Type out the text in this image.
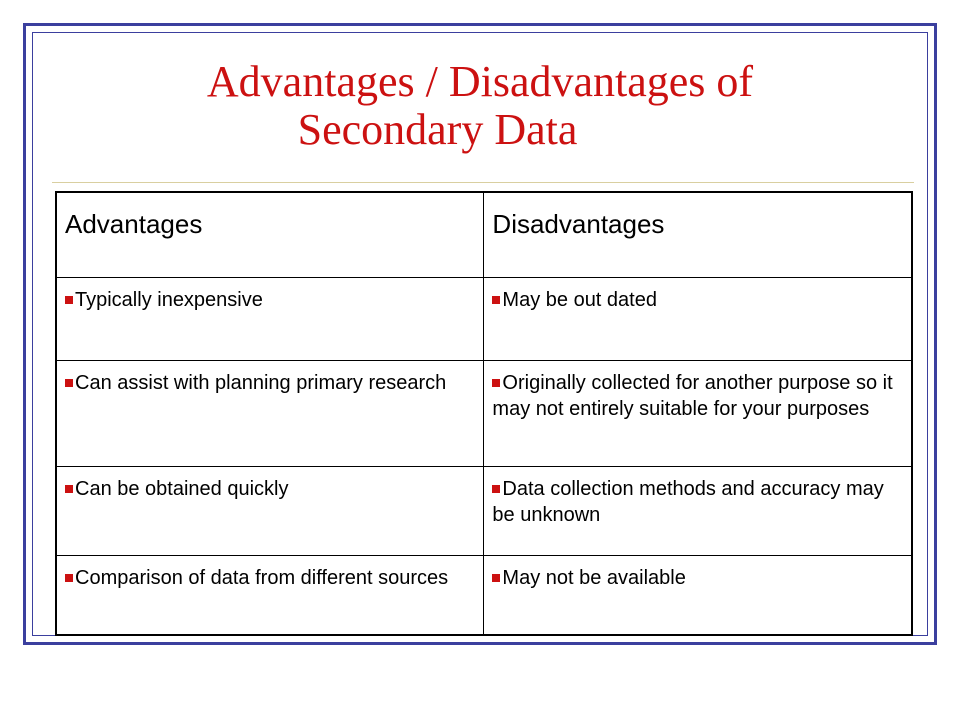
Advantages / Disadvantages of
Secondary Data
Advantages	Disadvantages
Typically inexpensive	May be out dated
Can assist with planning primary research	Originally collected for another purpose so it may not entirely suitable for your purposes
Can be obtained quickly	Data collection methods and accuracy may be unknown
Comparison of data from different sources	May not be available
